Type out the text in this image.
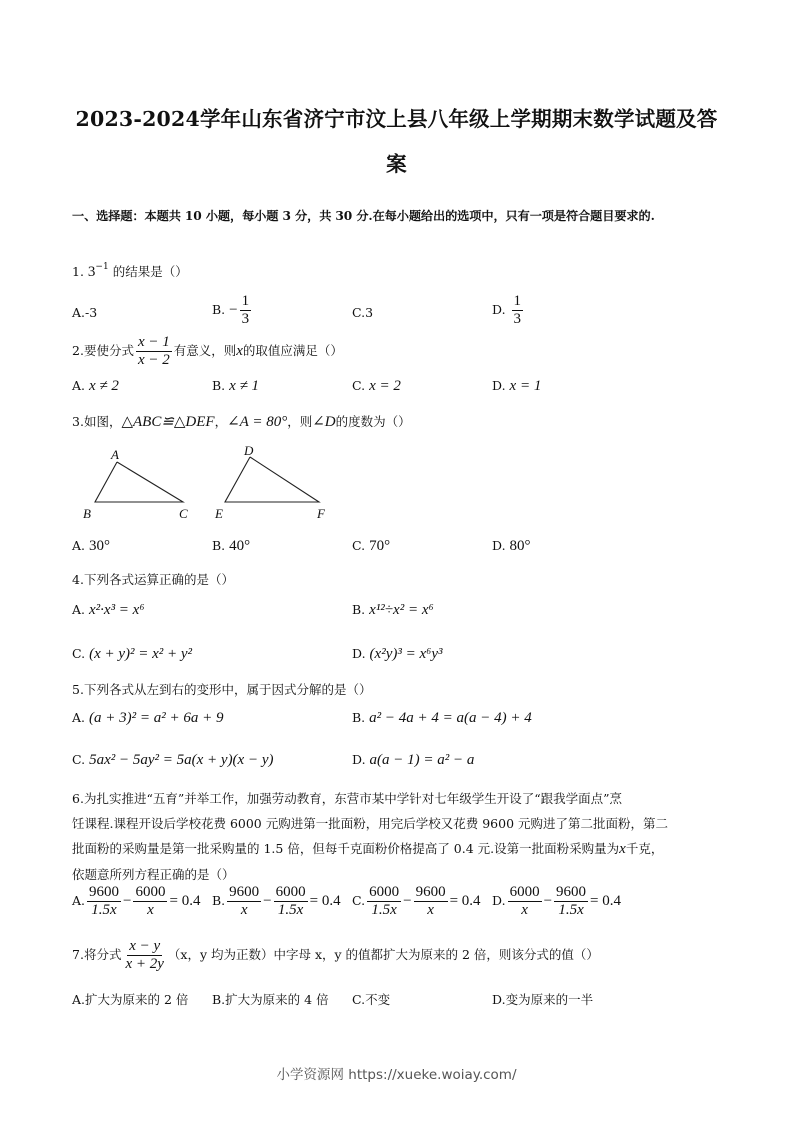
2023-2024学年山东省济宁市汶上县八年级上学期期末数学试题及答
案
一、选择题：本题共 10 小题，每小题 3 分，共 30 分.在每小题给出的选项中，只有一项是符合题目要求的.
1. $3^{-1}$ 的结果是（）
A.-3	B. − $\frac{1}{3}$	C.3	D. $\frac{1}{3}$
2.要使分式 $\frac{x - 1}{x - 2}$ 有意义，则x的取值应满足（）
A. x ≠ 2	B. x ≠ 1	C. x = 2	D. x = 1
3.如图，△ABC≌△DEF，∠A = 80°，则∠D的度数为（）
A
B	C
D
E	F
A. 30°	B. 40°	C. 70°	D. 80°
4.下列各式运算正确的是（）
A. x²·x³ = x⁶	B. x¹²÷x² = x⁶
C. (x + y)² = x² + y²	D. (x²y)³ = x⁶y³
5.下列各式从左到右的变形中，属于因式分解的是（）
A. (a + 3)² = a² + 6a + 9	B. a² − 4a + 4 = a(a − 4) + 4
C. 5ax² − 5ay² = 5a(x + y)(x − y)	D. a(a − 1) = a² − a
6.为扎实推进“五育”并举工作，加强劳动教育，东营市某中学针对七年级学生开设了“跟我学面点”烹
饪课程.课程开设后学校花费 6000 元购进第一批面粉，用完后学校又花费 9600 元购进了第二批面粉，第二
批面粉的采购量是第一批采购量的 1.5 倍，但每千克面粉价格提高了 0.4 元.设第一批面粉采购量为x千克，
依题意所列方程正确的是（）
A. $\frac{9600}{1.5x} - \frac{6000}{x} = 0.4$ B. $\frac{9600}{x} - \frac{6000}{1.5x} = 0.4$ C. $\frac{6000}{1.5x} - \frac{9600}{x} = 0.4$ D. $\frac{6000}{x} - \frac{9600}{1.5x} = 0.4$
7.将分式 $\frac{x - y}{x + 2y} (x$，y 均为正数）中字母 x，y 的值都扩大为原来的 2 倍，则该分式的值（）
A.扩大为原来的 2 倍 B.扩大为原来的 4 倍 C.不变	D.变为原来的一半
小学资源网 https://xueke.woiay.com/
